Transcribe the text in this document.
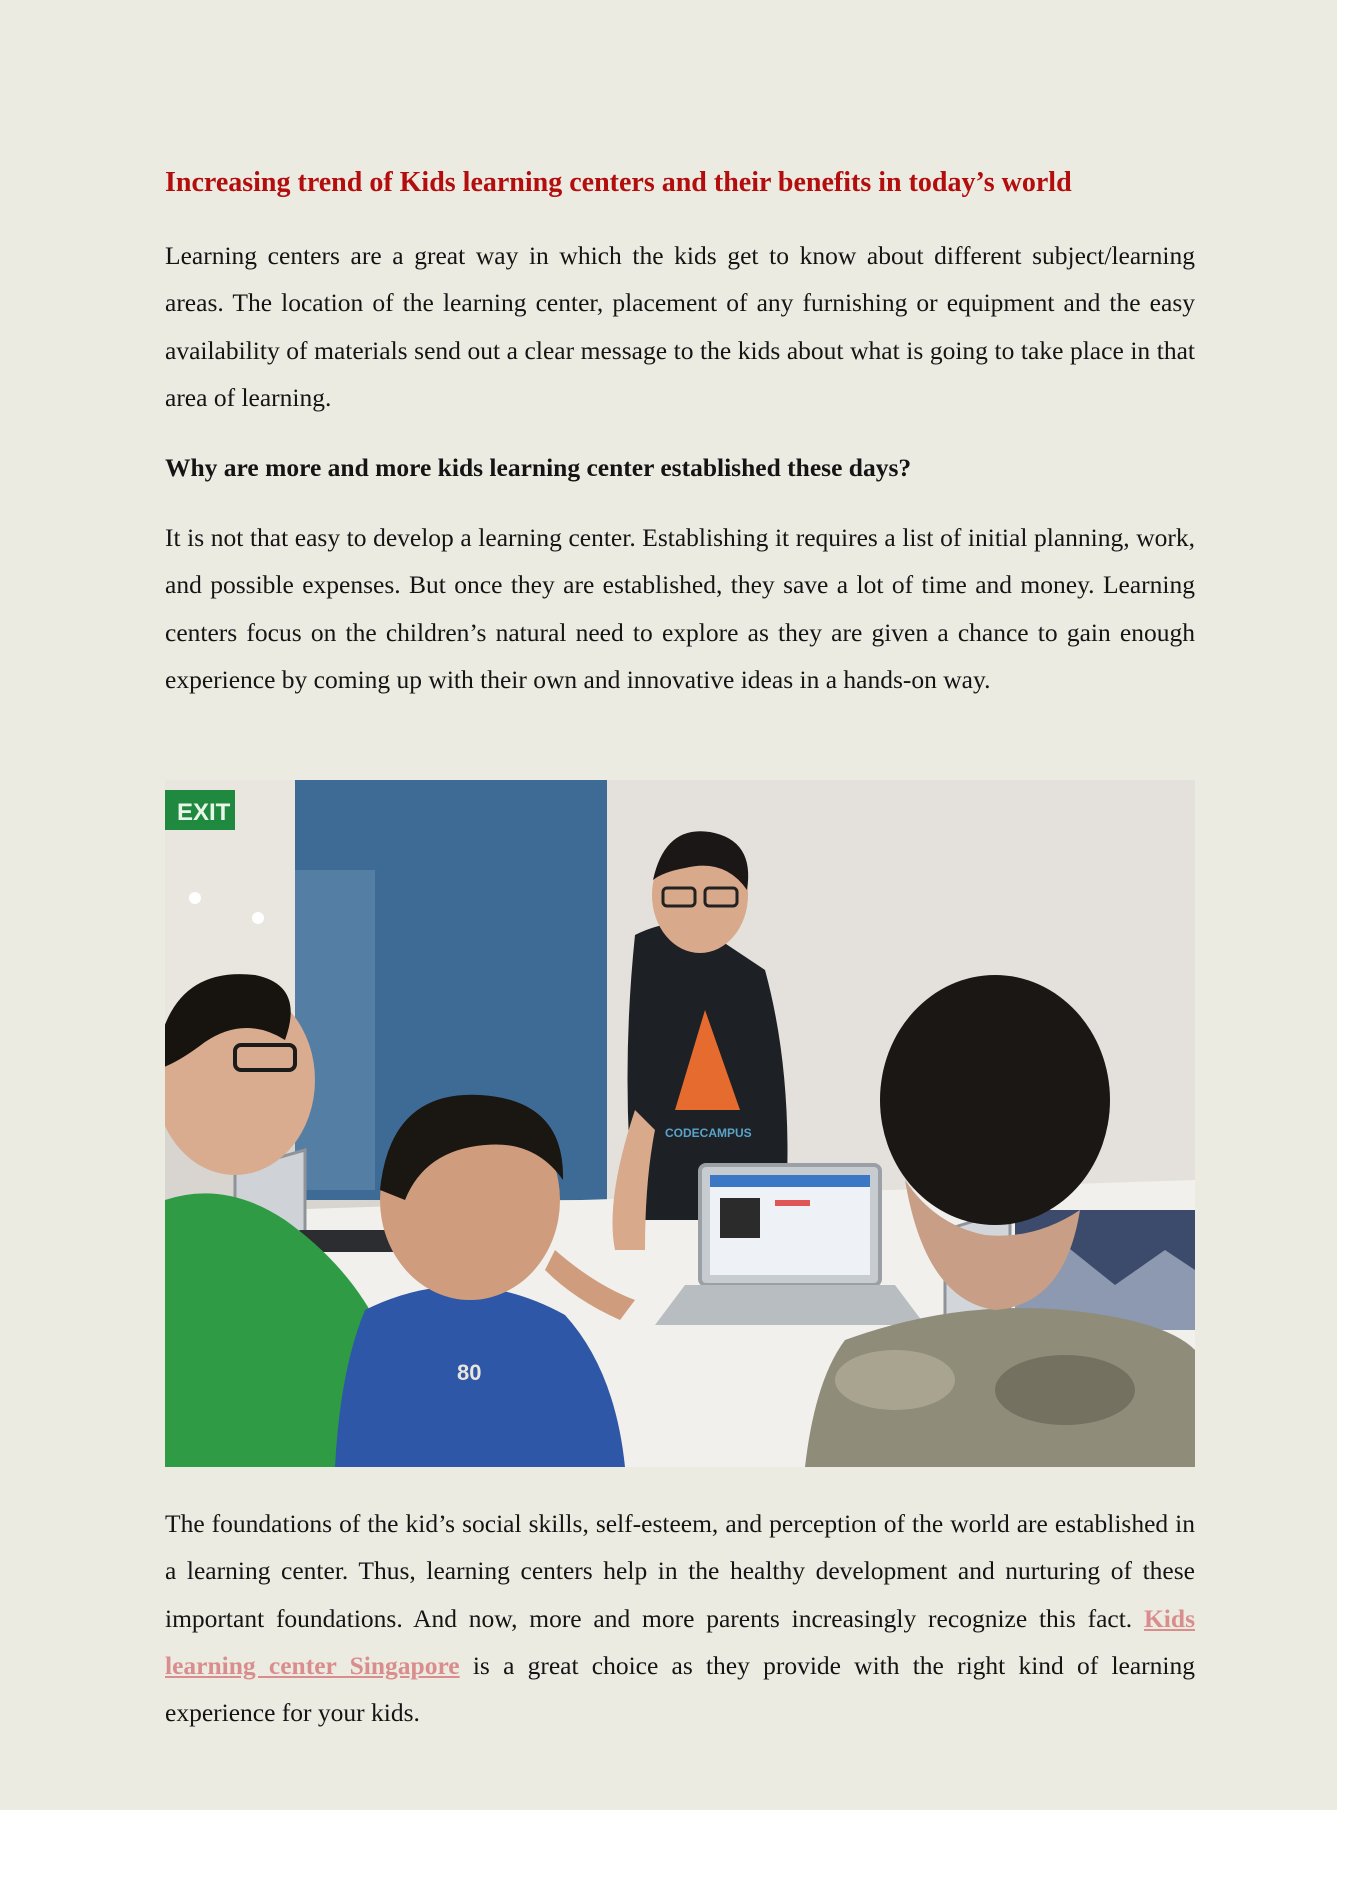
Increasing trend of Kids learning centers and their benefits in today’s world

Learning centers are a great way in which the kids get to know about different subject/learning areas. The location of the learning center, placement of any furnishing or equipment and the easy availability of materials send out a clear message to the kids about what is going to take place in that area of learning.

Why are more and more kids learning center established these days?

It is not that easy to develop a learning center. Establishing it requires a list of initial planning, work, and possible expenses. But once they are established, they save a lot of time and money. Learning centers focus on the children’s natural need to explore as they are given a chance to gain enough experience by coming up with their own and innovative ideas in a hands-on way.

EXIT
CODECAMPUS
80

The foundations of the kid’s social skills, self-esteem, and perception of the world are established in a learning center. Thus, learning centers help in the healthy development and nurturing of these important foundations. And now, more and more parents increasingly recognize this fact. Kids learning center Singapore is a great choice as they provide with the right kind of learning experience for your kids.
